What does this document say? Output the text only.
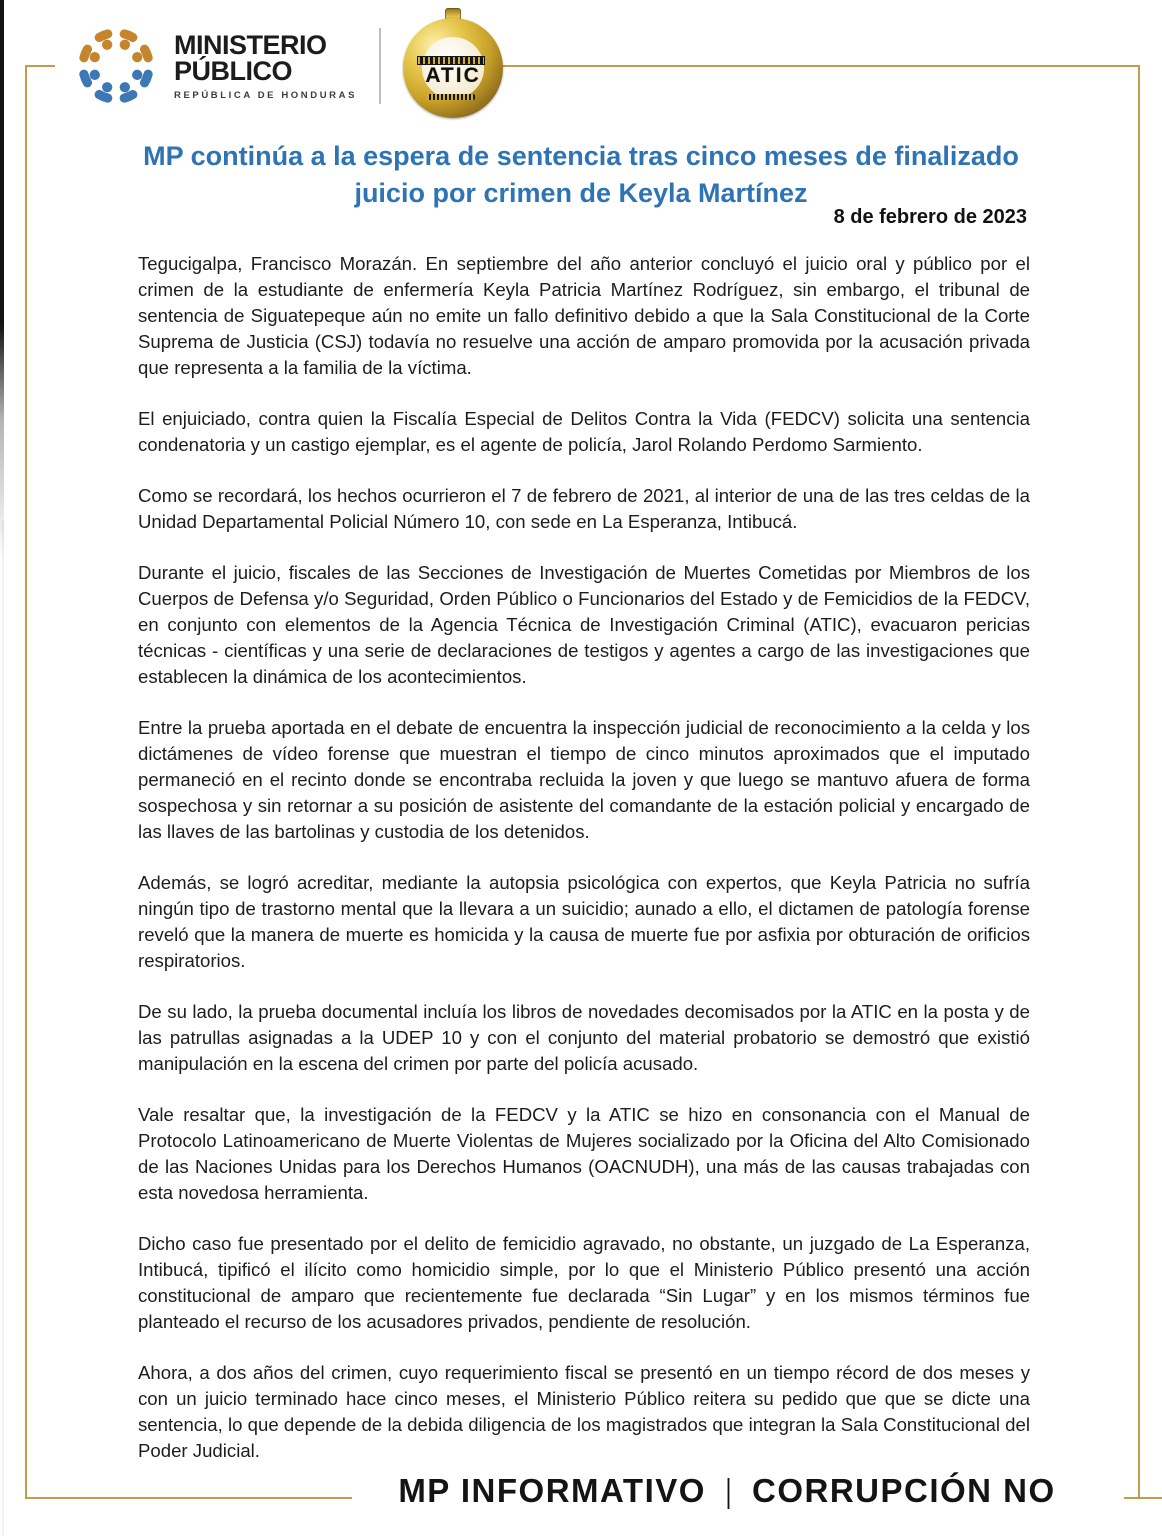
MINISTERIO
PÚBLICO
REPÚBLICA DE HONDURAS
ATIC
MP continúa a la espera de sentencia tras cinco meses de finalizado juicio por crimen de Keyla Martínez
8 de febrero de 2023

Tegucigalpa, Francisco Morazán. En septiembre del año anterior concluyó el juicio oral y público por el crimen de la estudiante de enfermería Keyla Patricia Martínez Rodríguez, sin embargo, el tribunal de sentencia de Siguatepeque aún no emite un fallo definitivo debido a que la Sala Constitucional de la Corte Suprema de Justicia (CSJ) todavía no resuelve una acción de amparo promovida por la acusación privada que representa a la familia de la víctima.

El enjuiciado, contra quien la Fiscalía Especial de Delitos Contra la Vida (FEDCV) solicita una sentencia condenatoria y un castigo ejemplar, es el agente de policía, Jarol Rolando Perdomo Sarmiento.

Como se recordará, los hechos ocurrieron el 7 de febrero de 2021, al interior de una de las tres celdas de la Unidad Departamental Policial Número 10, con sede en La Esperanza, Intibucá.

Durante el juicio, fiscales de las Secciones de Investigación de Muertes Cometidas por Miembros de los Cuerpos de Defensa y/o Seguridad, Orden Público o Funcionarios del Estado y de Femicidios de la FEDCV, en conjunto con elementos de la Agencia Técnica de Investigación Criminal (ATIC), evacuaron pericias técnicas - científicas y una serie de declaraciones de testigos y agentes a cargo de las investigaciones que establecen la dinámica de los acontecimientos.

Entre la prueba aportada en el debate de encuentra la inspección judicial de reconocimiento a la celda y los dictámenes de vídeo forense que muestran el tiempo de cinco minutos aproximados que el imputado permaneció en el recinto donde se encontraba recluida la joven y que luego se mantuvo afuera de forma sospechosa y sin retornar a su posición de asistente del comandante de la estación policial y encargado de las llaves de las bartolinas y custodia de los detenidos.

Además, se logró acreditar, mediante la autopsia psicológica con expertos, que Keyla Patricia no sufría ningún tipo de trastorno mental que la llevara a un suicidio; aunado a ello, el dictamen de patología forense reveló que la manera de muerte es homicida y la causa de muerte fue por asfixia por obturación de orificios respiratorios.

De su lado, la prueba documental incluía los libros de novedades decomisados por la ATIC en la posta y de las patrullas asignadas a la UDEP 10 y con el conjunto del material probatorio se demostró que existió manipulación en la escena del crimen por parte del policía acusado.

Vale resaltar que, la investigación de la FEDCV y la ATIC se hizo en consonancia con el Manual de Protocolo Latinoamericano de Muerte Violentas de Mujeres socializado por la Oficina del Alto Comisionado de las Naciones Unidas para los Derechos Humanos (OACNUDH), una más de las causas trabajadas con esta novedosa herramienta.

Dicho caso fue presentado por el delito de femicidio agravado, no obstante, un juzgado de La Esperanza, Intibucá, tipificó el ilícito como homicidio simple, por lo que el Ministerio Público presentó una acción constitucional de amparo que recientemente fue declarada “Sin Lugar” y en los mismos términos fue planteado el recurso de los acusadores privados, pendiente de resolución.

Ahora, a dos años del crimen, cuyo requerimiento fiscal se presentó en un tiempo récord de dos meses y con un juicio terminado hace cinco meses, el Ministerio Público reitera su pedido que que se dicte una sentencia, lo que depende de la debida diligencia de los magistrados que integran la Sala Constitucional del Poder Judicial.

MP INFORMATIVO | CORRUPCIÓN NO
